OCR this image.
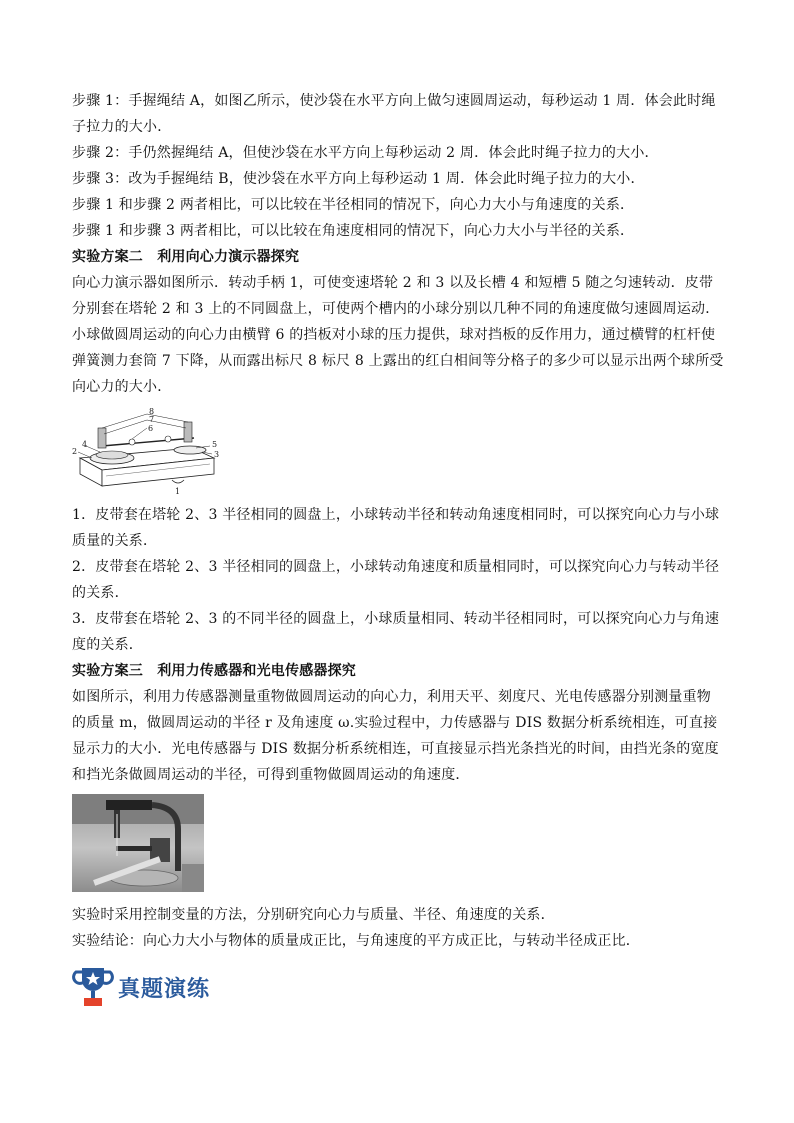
步骤 1：手握绳结 A，如图乙所示，使沙袋在水平方向上做匀速圆周运动，每秒运动 1 周．体会此时绳子拉力的大小．

步骤 2：手仍然握绳结 A，但使沙袋在水平方向上每秒运动 2 周．体会此时绳子拉力的大小．

步骤 3：改为手握绳结 B，使沙袋在水平方向上每秒运动 1 周．体会此时绳子拉力的大小．

步骤 1 和步骤 2 两者相比，可以比较在半径相同的情况下，向心力大小与角速度的关系．

步骤 1 和步骤 3 两者相比，可以比较在角速度相同的情况下，向心力大小与半径的关系．

实验方案二　利用向心力演示器探究

向心力演示器如图所示．转动手柄 1，可使变速塔轮 2 和 3 以及长槽 4 和短槽 5 随之匀速转动．皮带分别套在塔轮 2 和 3 上的不同圆盘上，可使两个槽内的小球分别以几种不同的角速度做匀速圆周运动．小球做圆周运动的向心力由横臂 6 的挡板对小球的压力提供，球对挡板的反作用力，通过横臂的杠杆使弹簧测力套筒 7 下降，从而露出标尺 8 标尺 8 上露出的红白相间等分格子的多少可以显示出两个球所受向心力的大小．

1
2	3
4	5
6
7
8

1．皮带套在塔轮 2、3 半径相同的圆盘上，小球转动半径和转动角速度相同时，可以探究向心力与小球质量的关系．

2．皮带套在塔轮 2、3 半径相同的圆盘上，小球转动角速度和质量相同时，可以探究向心力与转动半径的关系．

3．皮带套在塔轮 2、3 的不同半径的圆盘上，小球质量相同、转动半径相同时，可以探究向心力与角速度的关系．

实验方案三　利用力传感器和光电传感器探究

如图所示，利用力传感器测量重物做圆周运动的向心力，利用天平、刻度尺、光电传感器分别测量重物的质量 m，做圆周运动的半径 r 及角速度 ω.实验过程中，力传感器与 DIS 数据分析系统相连，可直接显示力的大小．光电传感器与 DIS 数据分析系统相连，可直接显示挡光条挡光的时间，由挡光条的宽度和挡光条做圆周运动的半径，可得到重物做圆周运动的角速度．

实验时采用控制变量的方法，分别研究向心力与质量、半径、角速度的关系．

实验结论：向心力大小与物体的质量成正比，与角速度的平方成正比，与转动半径成正比．

真题演练
